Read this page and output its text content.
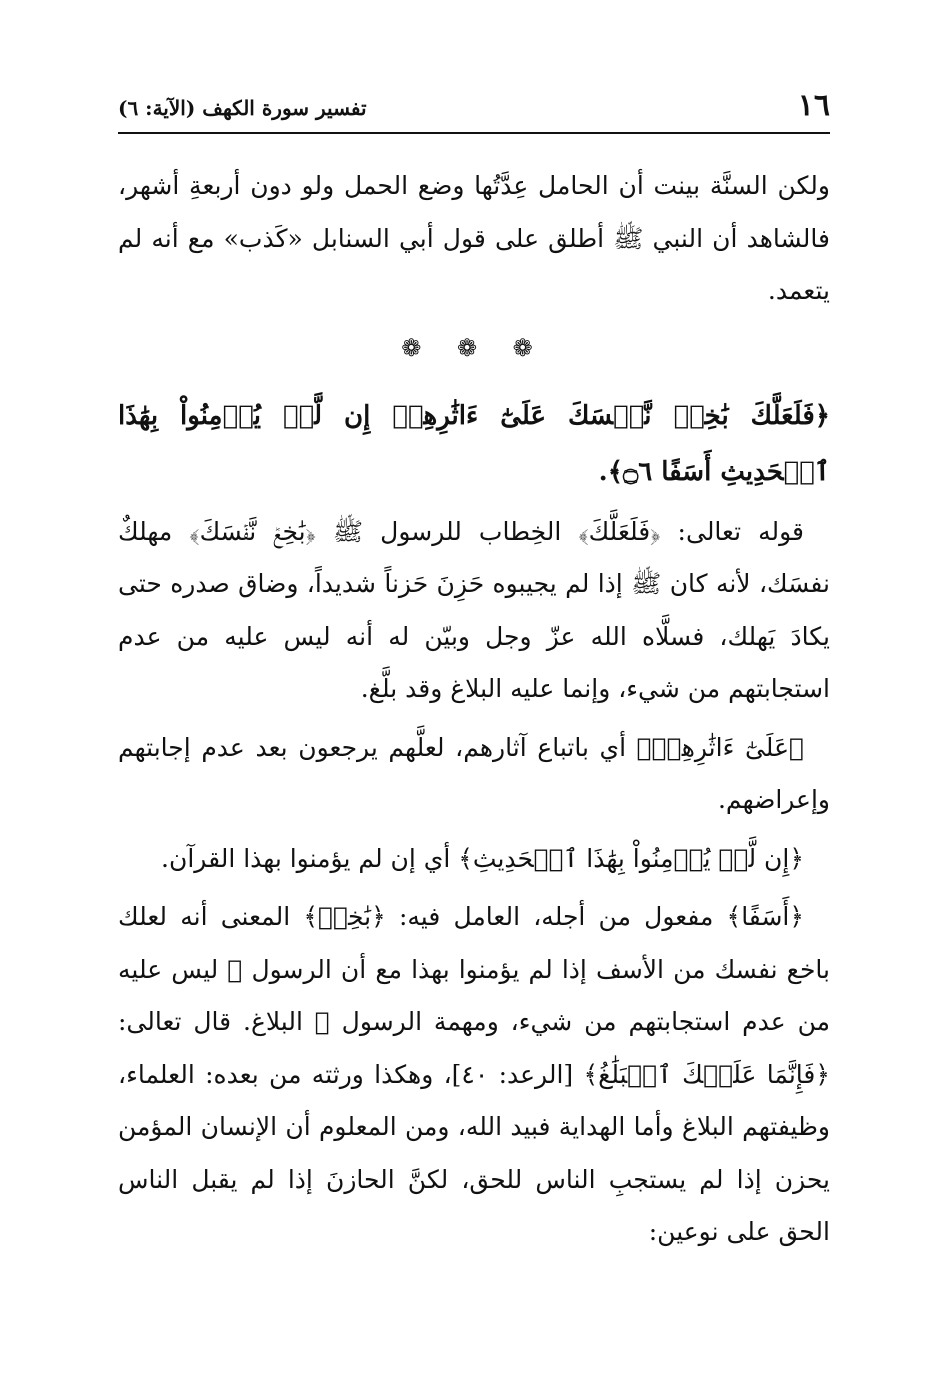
١٦
تفسير سورة الكهف (الآية: ٦)

ولكن السنَّة بينت أن الحامل عِدَّتُها وضع الحمل ولو دون أربعةِ أشهر، فالشاهد أن النبي ﷺ أطلق على قول أبي السنابل «كَذب» مع أنه لم يتعمد.

❁ ❁ ❁

﴿فَلَعَلَّكَ بَٰخِعٞ نَّفۡسَكَ عَلَىٰٓ ءَاثَٰرِهِمۡ إِن لَّمۡ يُؤۡمِنُواْ بِهَٰذَا ٱلۡحَدِيثِ أَسَفًا ۝٦﴾.

قوله تعالى: ﴿فَلَعَلَّكَ﴾ الخِطاب للرسول ﷺ ﴿بَٰخِعٞ نَّفۡسَكَ﴾ مهلكٌ نفسَك، لأنه كان ﷺ إذا لم يجيبوه حَزِنَ حَزناً شديداً، وضاق صدره حتى يكادَ يَهلك، فسلَّاه الله عزّ وجل وبيّن له أنه ليس عليه من عدم استجابتهم من شيء، وإنما عليه البلاغ وقد بلَّغ.

﴿عَلَىٰٓ ءَاثَٰرِهِمۡ﴾ أي باتباع آثارهم، لعلَّهم يرجعون بعد عدم إجابتهم وإعراضهم.

﴿إِن لَّمۡ يُؤۡمِنُواْ بِهَٰذَا ٱلۡحَدِيثِ﴾ أي إن لم يؤمنوا بهذا القرآن.

﴿أَسَفًا﴾ مفعول من أجله، العامل فيه: ﴿بَٰخِعٞ﴾ المعنى أنه لعلك باخع نفسك من الأسف إذا لم يؤمنوا بهذا مع أن الرسول ﷺ ليس عليه من عدم استجابتهم من شيء، ومهمة الرسول ﷺ البلاغ. قال تعالى: ﴿فَإِنَّمَا عَلَيۡكَ ٱلۡبَلَٰغُ﴾ [الرعد: ٤٠]، وهكذا ورثته من بعده: العلماء، وظيفتهم البلاغ وأما الهداية فبيد الله، ومن المعلوم أن الإنسان المؤمن يحزن إذا لم يستجبِ الناس للحق، لكنَّ الحازنَ إذا لم يقبل الناس الحق على نوعين:
